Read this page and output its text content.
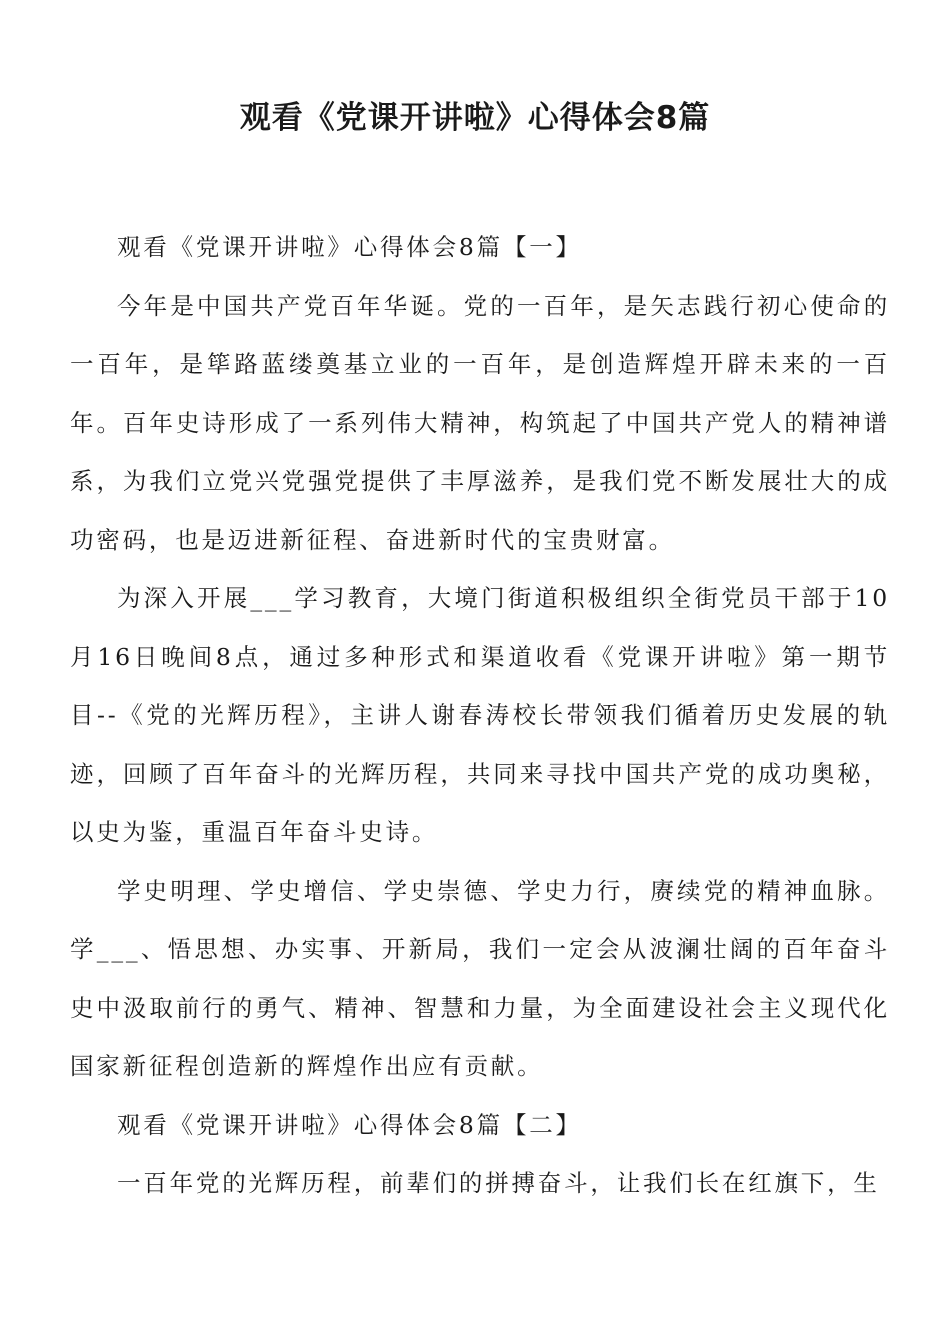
观看《党课开讲啦》心得体会8篇

观看《党课开讲啦》心得体会8篇【一】

今年是中国共产党百年华诞。党的一百年，是矢志践行初心使命的一百年，是筚路蓝缕奠基立业的一百年，是创造辉煌开辟未来的一百年。百年史诗形成了一系列伟大精神，构筑起了中国共产党人的精神谱系，为我们立党兴党强党提供了丰厚滋养，是我们党不断发展壮大的成功密码，也是迈进新征程、奋进新时代的宝贵财富。

为深入开展___学习教育，大境门街道积极组织全街党员干部于10月16日晚间8点，通过多种形式和渠道收看《党课开讲啦》第一期节目--《党的光辉历程》，主讲人谢春涛校长带领我们循着历史发展的轨迹，回顾了百年奋斗的光辉历程，共同来寻找中国共产党的成功奥秘，以史为鉴，重温百年奋斗史诗。

学史明理、学史增信、学史崇德、学史力行，赓续党的精神血脉。学___、悟思想、办实事、开新局，我们一定会从波澜壮阔的百年奋斗史中汲取前行的勇气、精神、智慧和力量，为全面建设社会主义现代化国家新征程创造新的辉煌作出应有贡献。

观看《党课开讲啦》心得体会8篇【二】

一百年党的光辉历程，前辈们的拼搏奋斗，让我们长在红旗下，生
